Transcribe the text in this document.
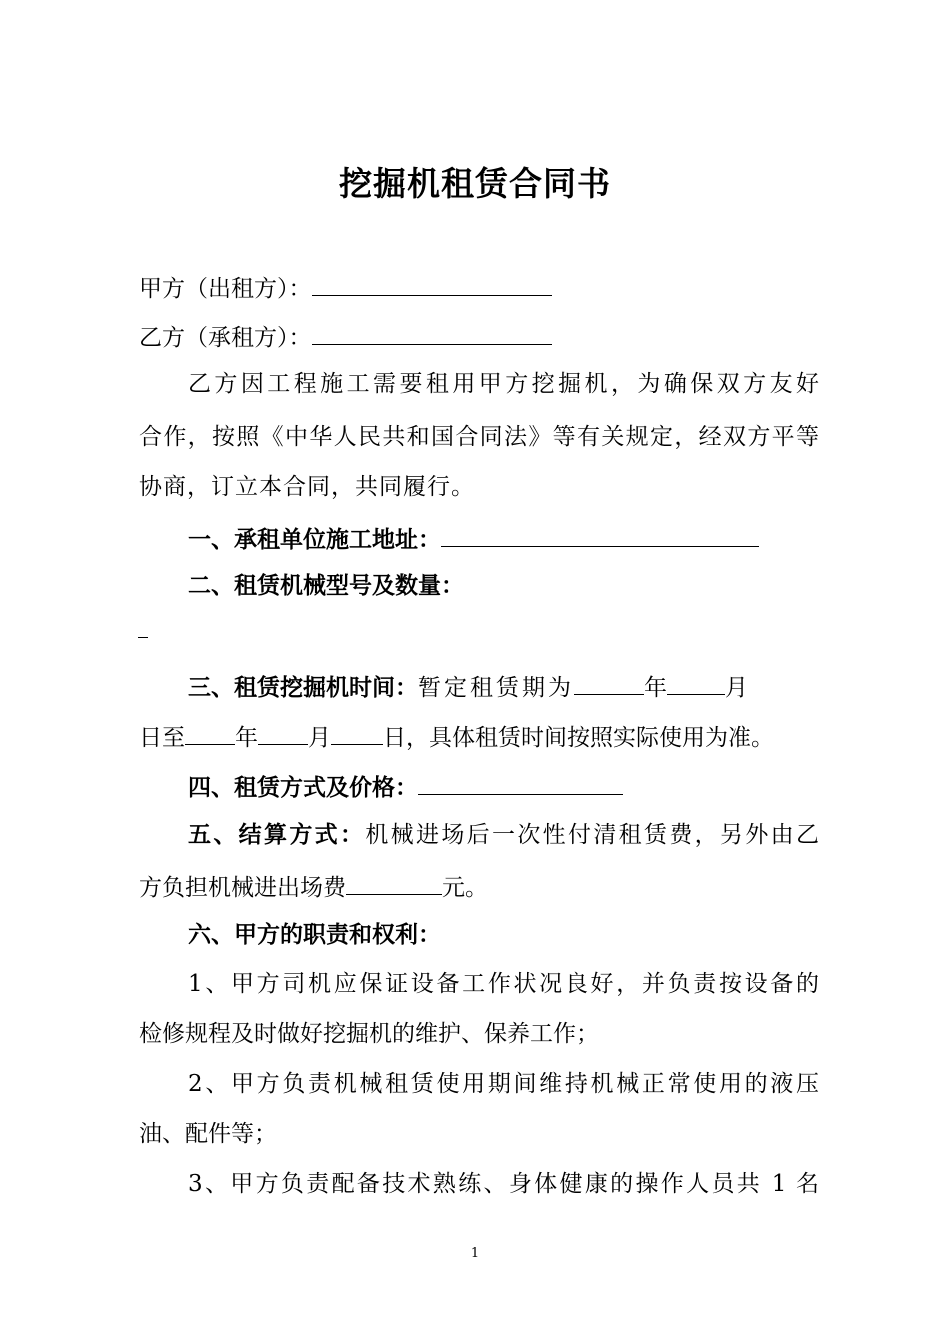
挖掘机租赁合同书
甲方（出租方）：
乙方（承租方）：
乙方因工程施工需要租用甲方挖掘机，为确保双方友好
合作，按照《中华人民共和国合同法》等有关规定，经双方平等
协商，订立本合同，共同履行。
一、承租单位施工地址：
二、租赁机械型号及数量：
三、租赁挖掘机时间：暂定租赁期为	年	月
日至 年 月 日，具体租赁时间按照实际使用为准。
四、租赁方式及价格：
五、结算方式：机械进场后一次性付清租赁费，另外由乙
方负担机械进出场费	元。
六、甲方的职责和权利：
1、甲方司机应保证设备工作状况良好，并负责按设备的
检修规程及时做好挖掘机的维护、保养工作；
2、甲方负责机械租赁使用期间维持机械正常使用的液压
油、配件等；
3、甲方负责配备技术熟练、身体健康的操作人员共 1 名
1
